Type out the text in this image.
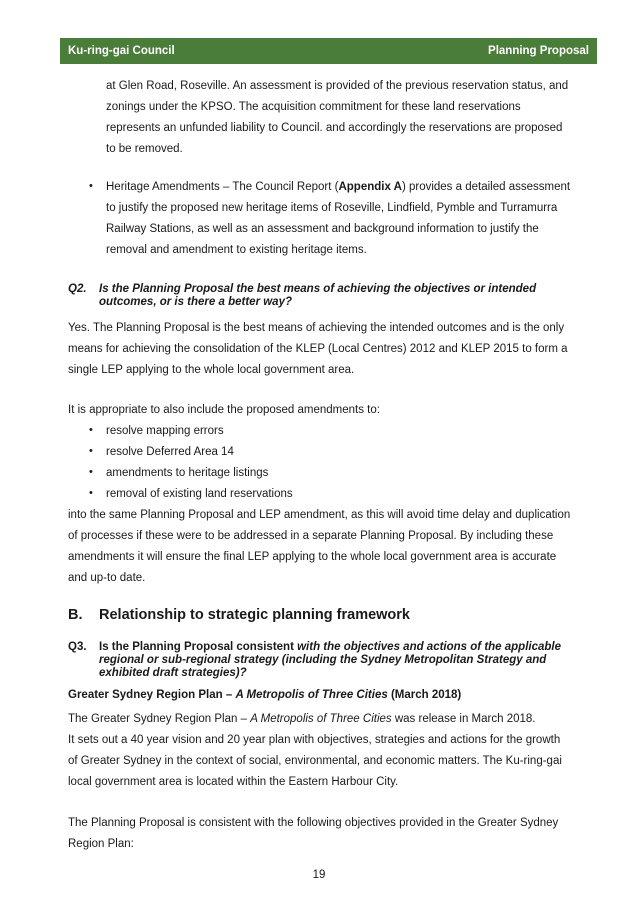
Ku-ring-gai Council	Planning Proposal
at Glen Road, Roseville. An assessment is provided of the previous reservation status, and
zonings under the KPSO. The acquisition commitment for these land reservations
represents an unfunded liability to Council. and accordingly the reservations are proposed
to be removed.
• Heritage Amendments – The Council Report (Appendix A) provides a detailed assessment
to justify the proposed new heritage items of Roseville, Lindfield, Pymble and Turramurra
Railway Stations, as well as an assessment and background information to justify the
removal and amendment to existing heritage items.
Q2. Is the Planning Proposal the best means of achieving the objectives or intended
outcomes, or is there a better way?
Yes. The Planning Proposal is the best means of achieving the intended outcomes and is the only
means for achieving the consolidation of the KLEP (Local Centres) 2012 and KLEP 2015 to form a
single LEP applying to the whole local government area.
It is appropriate to also include the proposed amendments to:
•
•
•
•
resolve mapping errors
resolve Deferred Area 14
amendments to heritage listings
removal of existing land reservations
into the same Planning Proposal and LEP amendment, as this will avoid time delay and duplication
of processes if these were to be addressed in a separate Planning Proposal. By including these
amendments it will ensure the final LEP applying to the whole local government area is accurate
and up-to date.
B. Relationship to strategic planning framework
Q3. Is the Planning Proposal consistent with the objectives and actions of the applicable
regional or sub-regional strategy (including the Sydney Metropolitan Strategy and
exhibited draft strategies)?
Greater Sydney Region Plan – A Metropolis of Three Cities (March 2018)
The Greater Sydney Region Plan – A Metropolis of Three Cities was release in March 2018.
It sets out a 40 year vision and 20 year plan with objectives, strategies and actions for the growth
of Greater Sydney in the context of social, environmental, and economic matters. The Ku-ring-gai
local government area is located within the Eastern Harbour City.
The Planning Proposal is consistent with the following objectives provided in the Greater Sydney
Region Plan:
19
